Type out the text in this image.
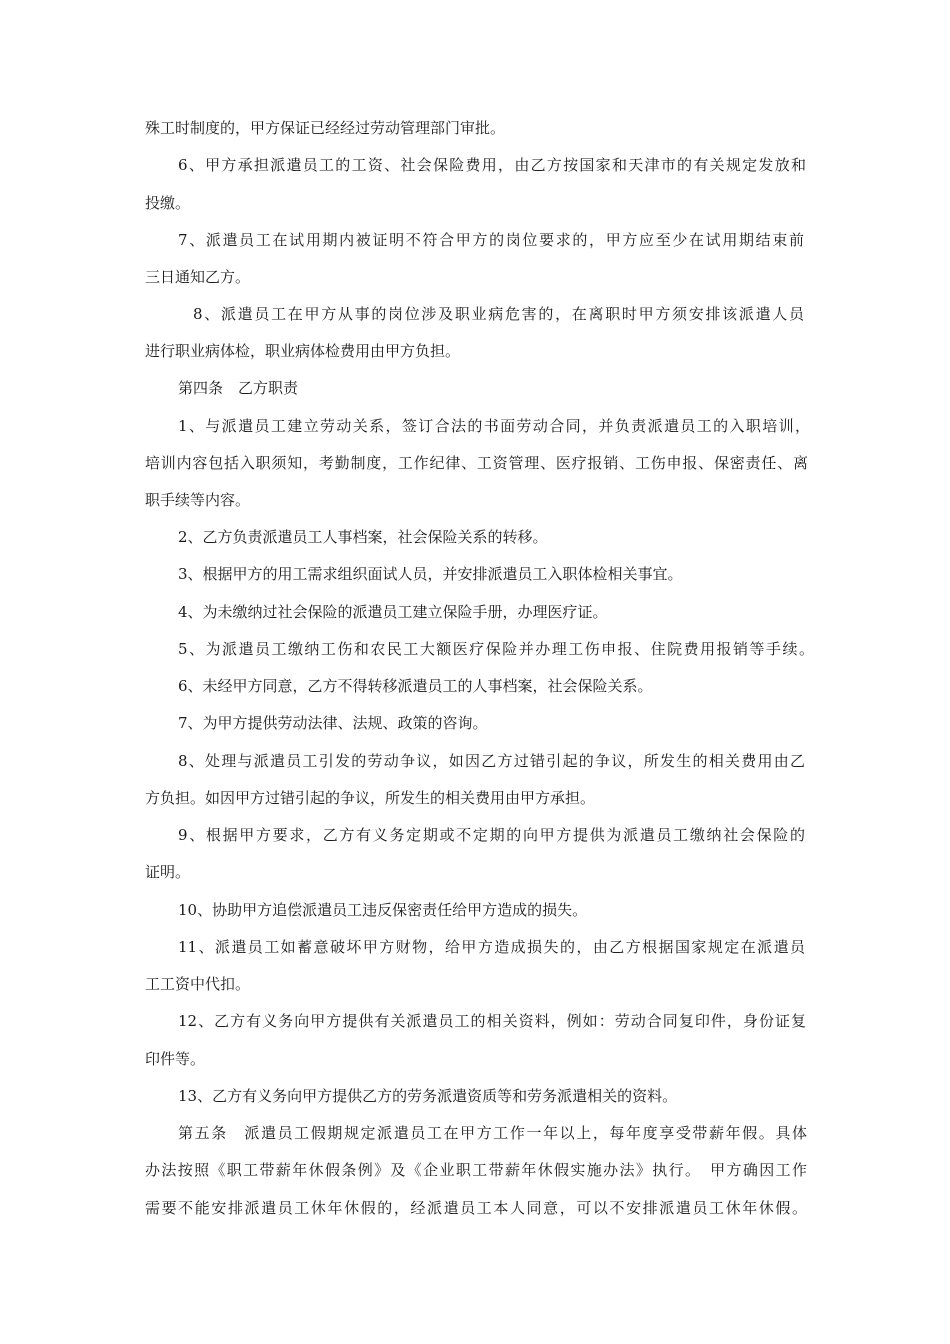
殊工时制度的，甲方保证已经经过劳动管理部门审批。
6、甲方承担派遣员工的工资、社会保险费用，由乙方按国家和天津市的有关规定发放和
投缴。
7、派遣员工在试用期内被证明不符合甲方的岗位要求的，甲方应至少在试用期结束前
三日通知乙方。
8、派遣员工在甲方从事的岗位涉及职业病危害的，在离职时甲方须安排该派遣人员
进行职业病体检，职业病体检费用由甲方负担。
第四条　乙方职责
1、与派遣员工建立劳动关系，签订合法的书面劳动合同，并负责派遣员工的入职培训，
培训内容包括入职须知，考勤制度，工作纪律、工资管理、医疗报销、工伤申报、保密责任、离
职手续等内容。
2、乙方负责派遣员工人事档案，社会保险关系的转移。
3、根据甲方的用工需求组织面试人员，并安排派遣员工入职体检相关事宜。
4、为未缴纳过社会保险的派遣员工建立保险手册，办理医疗证。
5、为派遣员工缴纳工伤和农民工大额医疗保险并办理工伤申报、住院费用报销等手续。
6、未经甲方同意，乙方不得转移派遣员工的人事档案，社会保险关系。
7、为甲方提供劳动法律、法规、政策的咨询。
8、处理与派遣员工引发的劳动争议，如因乙方过错引起的争议，所发生的相关费用由乙
方负担。如因甲方过错引起的争议，所发生的相关费用由甲方承担。
9、根据甲方要求，乙方有义务定期或不定期的向甲方提供为派遣员工缴纳社会保险的
证明。
10、协助甲方追偿派遣员工违反保密责任给甲方造成的损失。
11、派遣员工如蓄意破坏甲方财物，给甲方造成损失的，由乙方根据国家规定在派遣员
工工资中代扣。
12、乙方有义务向甲方提供有关派遣员工的相关资料，例如：劳动合同复印件，身份证复
印件等。
13、乙方有义务向甲方提供乙方的劳务派遣资质等和劳务派遣相关的资料。
第五条　派遣员工假期规定派遣员工在甲方工作一年以上，每年度享受带薪年假。具体
办法按照《职工带薪年休假条例》及《企业职工带薪年休假实施办法》执行。　甲方确因工作
需要不能安排派遣员工休年休假的，经派遣员工本人同意，可以不安排派遣员工休年休假。
